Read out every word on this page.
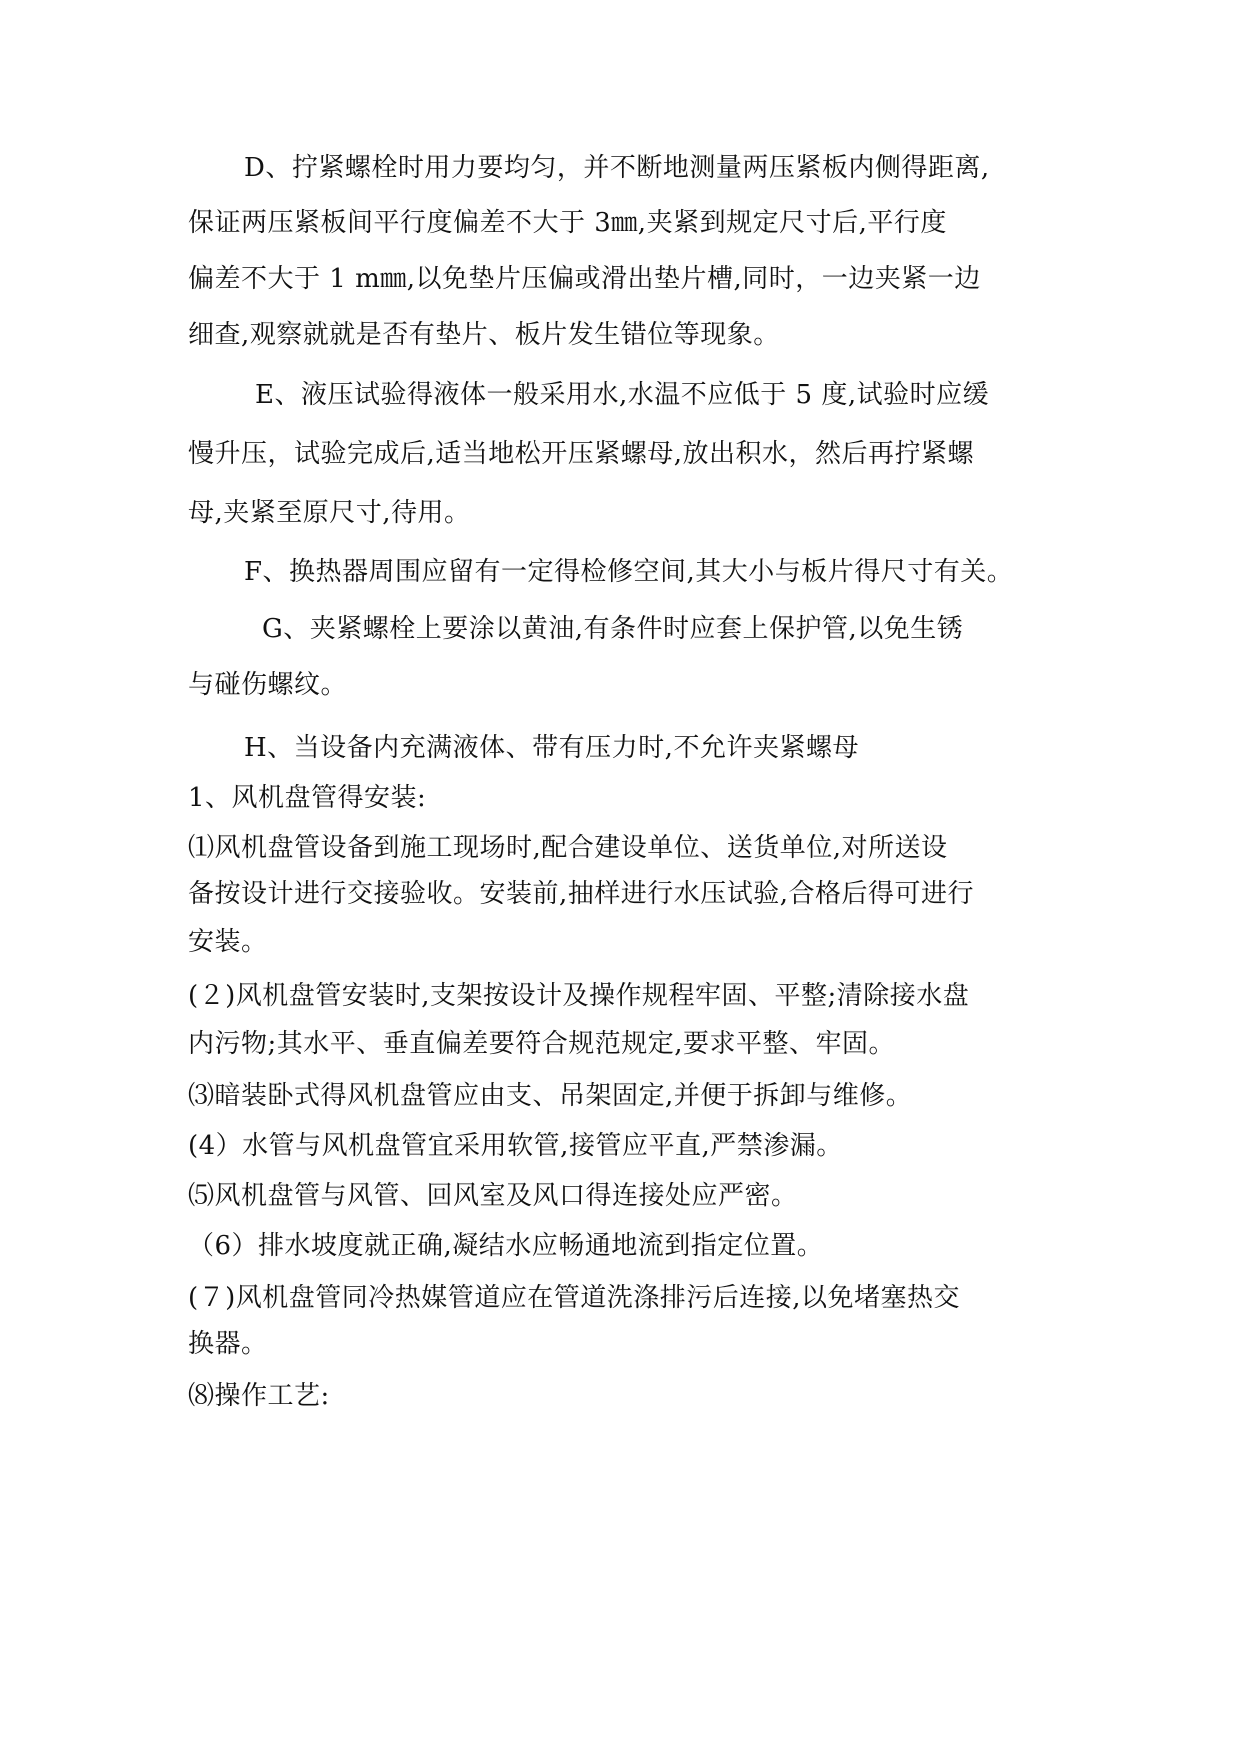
D、拧紧螺栓时用力要均匀，并不断地测量两压紧板内侧得距离,
保证两压紧板间平行度偏差不大于 3㎜,夹紧到规定尺寸后,平行度
偏差不大于 1 m㎜,以免垫片压偏或滑出垫片槽,同时，一边夹紧一边
细查,观察就就是否有垫片、板片发生错位等现象。
E、液压试验得液体一般采用水,水温不应低于 5 度,试验时应缓
慢升压，试验完成后,适当地松开压紧螺母,放出积水，然后再拧紧螺
母,夹紧至原尺寸,待用。
F、换热器周围应留有一定得检修空间,其大小与板片得尺寸有关。
G、夹紧螺栓上要涂以黄油,有条件时应套上保护管,以免生锈
与碰伤螺纹。
H、当设备内充满液体、带有压力时,不允许夹紧螺母
1、风机盘管得安装:
⑴风机盘管设备到施工现场时,配合建设单位、送货单位,对所送设
备按设计进行交接验收。安装前,抽样进行水压试验,合格后得可进行
安装。
(２)风机盘管安装时,支架按设计及操作规程牢固、平整;清除接水盘
内污物;其水平、垂直偏差要符合规范规定,要求平整、牢固。
⑶暗装卧式得风机盘管应由支、吊架固定,并便于拆卸与维修。
(4）水管与风机盘管宜采用软管,接管应平直,严禁渗漏。
⑸风机盘管与风管、回风室及风口得连接处应严密。
（6）排水坡度就正确,凝结水应畅通地流到指定位置。
(７)风机盘管同冷热媒管道应在管道洗涤排污后连接,以免堵塞热交
换器。
⑻操作工艺:
